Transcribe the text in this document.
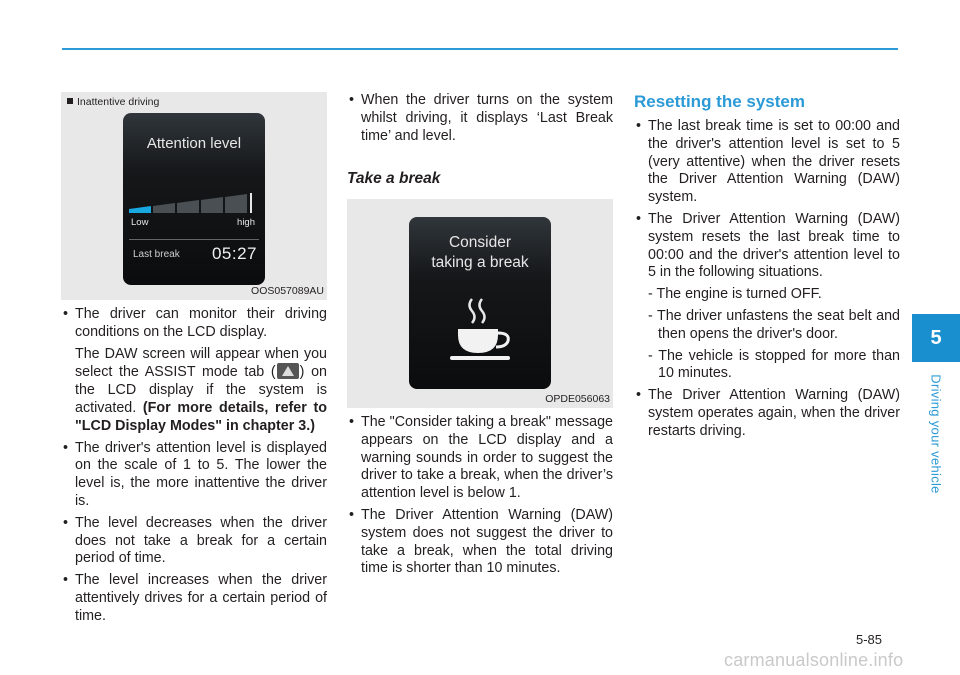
5
Driving your vehicle
Inattentive driving
Attention level
Low	high
Last break 05:27
OOS057089AU

• The driver can monitor their driving conditions on the LCD display.

The DAW screen will appear when you select the ASSIST mode tab ( ) on the LCD display if the system is activated. (For more details, refer to "LCD Display Modes" in chapter 3.)

• The driver's attention level is displayed on the scale of 1 to 5. The lower the level is, the more inattentive the driver is.

• The level decreases when the driver does not take a break for a certain period of time.

• The level increases when the driver attentively drives for a certain period of time.

• When the driver turns on the system whilst driving, it displays ‘Last Break time’ and level.

Take a break
Consider
taking a break
OPDE056063

• The "Consider taking a break" message appears on the LCD display and a warning sounds in order to suggest the driver to take a break, when the driver’s attention level is below 1.

• The Driver Attention Warning (DAW) system does not suggest the driver to take a break, when the total driving time is shorter than 10 minutes.

Resetting the system

• The last break time is set to 00:00 and the driver's attention level is set to 5 (very attentive) when the driver resets the Driver Attention Warning (DAW) system.

• The Driver Attention Warning (DAW) system resets the last break time to 00:00 and the driver's attention level to 5 in the following situations.

- The engine is turned OFF.

- The driver unfastens the seat belt and then opens the driver's door.

- The vehicle is stopped for more than 10 minutes.

• The Driver Attention Warning (DAW) system operates again, when the driver restarts driving.

5-85
carmanualsonline.info
